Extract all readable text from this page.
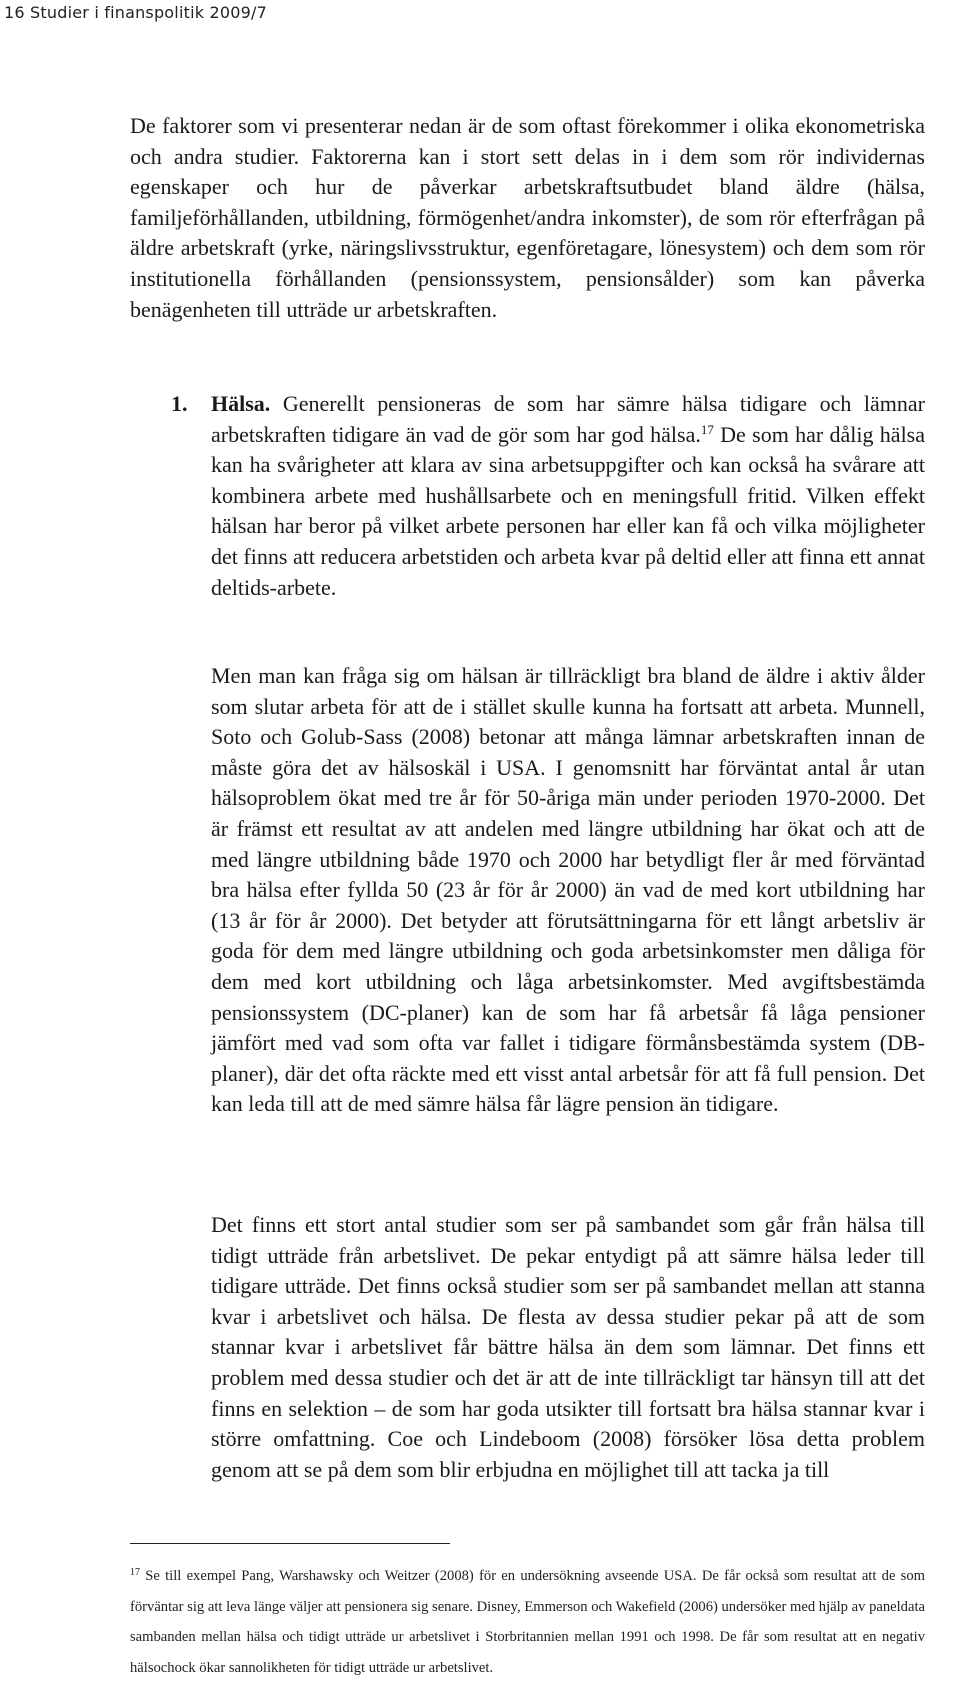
16 Studier i finanspolitik 2009/7

De faktorer som vi presenterar nedan är de som oftast förekommer i olika ekonometriska och andra studier. Faktorerna kan i stort sett delas in i dem som rör individernas egenskaper och hur de påverkar arbetskraftsutbudet bland äldre (hälsa, familjeförhållanden, utbildning, förmögenhet/andra inkomster), de som rör efterfrågan på äldre arbetskraft (yrke, näringslivsstruktur, egenföretagare, lönesystem) och dem som rör institutionella förhållanden (pensionssystem, pensionsålder) som kan påverka benägenheten till utträde ur arbetskraften.

1. Hälsa. Generellt pensioneras de som har sämre hälsa tidigare och lämnar arbetskraften tidigare än vad de gör som har god hälsa.$^{17}$ De som har dålig hälsa kan ha svårigheter att klara av sina arbetsuppgifter och kan också ha svårare att kombinera arbete med hushållsarbete och en meningsfull fritid. Vilken effekt hälsan har beror på vilket arbete personen har eller kan få och vilka möjligheter det finns att reducera arbetstiden och arbeta kvar på deltid eller att finna ett annat deltids-arbete.

Men man kan fråga sig om hälsan är tillräckligt bra bland de äldre i aktiv ålder som slutar arbeta för att de i stället skulle kunna ha fortsatt att arbeta. Munnell, Soto och Golub-Sass (2008) betonar att många lämnar arbetskraften innan de måste göra det av hälsoskäl i USA. I genomsnitt har förväntat antal år utan hälsoproblem ökat med tre år för 50-åriga män under perioden 1970-2000. Det är främst ett resultat av att andelen med längre utbildning har ökat och att de med längre utbildning både 1970 och 2000 har betydligt fler år med förväntad bra hälsa efter fyllda 50 (23 år för år 2000) än vad de med kort utbildning har (13 år för år 2000). Det betyder att förutsättningarna för ett långt arbetsliv är goda för dem med längre utbildning och goda arbetsinkomster men dåliga för dem med kort utbildning och låga arbetsinkomster. Med avgiftsbestämda pensionssystem (DC-planer) kan de som har få arbetsår få låga pensioner jämfört med vad som ofta var fallet i tidigare förmånsbestämda system (DB-planer), där det ofta räckte med ett visst antal arbetsår för att få full pension. Det kan leda till att de med sämre hälsa får lägre pension än tidigare.

Det finns ett stort antal studier som ser på sambandet som går från hälsa till tidigt utträde från arbetslivet. De pekar entydigt på att sämre hälsa leder till tidigare utträde. Det finns också studier som ser på sambandet mellan att stanna kvar i arbetslivet och hälsa. De flesta av dessa studier pekar på att de som stannar kvar i arbetslivet får bättre hälsa än dem som lämnar. Det finns ett problem med dessa studier och det är att de inte tillräckligt tar hänsyn till att det finns en selektion – de som har goda utsikter till fortsatt bra hälsa stannar kvar i större omfattning. Coe och Lindeboom (2008) försöker lösa detta problem genom att se på dem som blir erbjudna en möjlighet till att tacka ja till

$^{17}$ Se till exempel Pang, Warshawsky och Weitzer (2008) för en undersökning avseende USA. De får också som resultat att de som förväntar sig att leva länge väljer att pensionera sig senare. Disney, Emmerson och Wakefield (2006) undersöker med hjälp av paneldata sambanden mellan hälsa och tidigt utträde ur arbetslivet i Storbritannien mellan 1991 och 1998. De får som resultat att en negativ hälsochock ökar sannolikheten för tidigt utträde ur arbetslivet.
